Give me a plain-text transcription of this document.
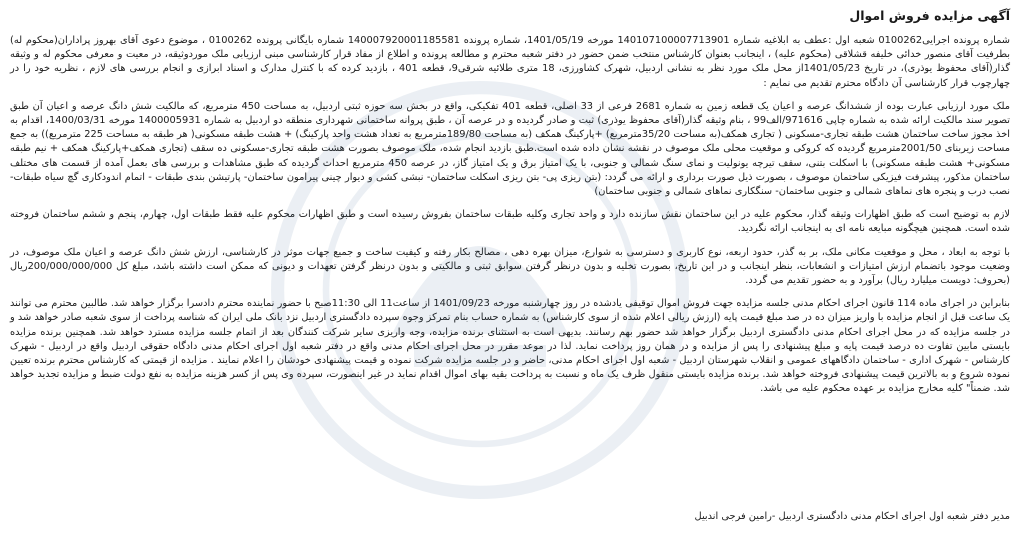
آگهی مزایده فروش اموال

شماره پرونده اجرایی0100262 شعبه اول :عطف به ابلاغیه شماره 140107100007713901 مورخه 1401/05/19، شماره پرونده 140007920001185581 شماره بایگانی پرونده 0100262 ، موضوع دعوی آقای بهروز پراداران(محکوم له) بطرفیت آقای منصور خدائی خلیفه قشلاقی (محکوم علیه) ، اینجانب بعنوان کارشناس منتخب ضمن حضور در دفتر شعبه محترم و مطالعه پرونده و اطلاع از مفاد قرار کارشناسی مبنی ارزیابی ملک موردوثیقه، در معیت و معرفی محکوم له و وثیقه گذار(آقای محفوظ یوذری)، در تاریخ 1401/05/23از محل ملک مورد نظر به نشانی اردبیل، شهرک کشاورزی، 18 متری طلائیه شرقی9، قطعه 401 ، بازدید کرده که با کنترل مدارک و اسناد ابرازی و انجام بررسی های لازم ، نظریه خود را در چهارچوب قرار کارشناسی آن دادگاه محترم تقدیم می نمایم :

ملک مورد ارزیابی عبارت بوده از ششدانگ عرصه و اعیان یک قطعه زمین به شماره 2681 فرعی از 33 اصلی، قطعه 401 تفکیکی، واقع در بخش سه حوزه ثبتی اردبیل، به مساحت 450 مترمربع، که مالکیت شش دانگ عرصه و اعیان آن طبق تصویر سند مالکیت ارائه شده به شماره چاپی 971616/الف99 ، بنام وثیقه گذار(آقای محفوظ یوذری) ثبت و صادر گردیده و در عرصه آن ، طبق پروانه ساختمانی شهرداری منطقه دو اردبیل به شماره 1400005931 مورخه 1400/03/31، اقدام به اخذ مجوز ساخت ساختمان هشت طبقه تجاری-مسکونی ( تجاری همکف(به مساحت 35/20مترمربع) +پارکینگ همکف (به مساحت 189/80مترمربع به تعداد هشت واحد پارکینگ) + هشت طبقه مسکونی( هر طبقه به مساحت 225 مترمربع)) به جمع مساحت زیربنای 2001/50مترمربع گردیده که کروکی و موقعیت محلی ملک موصوف در نقشه نشان داده شده است.طبق بازدید انجام شده، ملک موصوف بصورت هشت طبقه تجاری-مسکونی ده سقف (تجاری همکف+پارکینگ همکف + نیم طبقه مسکونی+ هشت طبقه مسکونی) با اسکلت بتنی، سقف تیرچه یونولیت و نمای سنگ شمالی و جنوبی، با یک امتیاز برق و یک امتیاز گاز، در عرصه 450 مترمربع احداث گردیده که طبق مشاهدات و بررسی های بعمل آمده از قسمت های مختلف ساختمان مذکور، پیشرفت فیزیکی ساختمان موصوف ، بصورت ذیل صورت برداری و ارائه می گردد: (بتن ریزی پی- بتن ریزی اسکلت ساختمان- نبشی کشی و دیوار چینی پیرامون ساختمان- پارتیشن بندی طبقات - اتمام اندودکاری گچ سیاه طبقات- نصب درب و پنجره های نماهای شمالی و جنوبی ساختمان- سنگکاری نماهای شمالی و جنوبی ساختمان)

لازم به توضیح است که طبق اظهارات وثیقه گذار، محکوم علیه در این ساختمان نقش سازنده دارد و واحد تجاری وکلیه طبقات ساختمان بفروش رسیده است و طبق اظهارات محکوم علیه فقط طبقات اول، چهارم، پنجم و ششم ساختمان فروخته شده است. همچنین هیچگونه مبایعه نامه ای به اینجانب ارائه نگردید.

با توجه به ابعاد ، محل و موقعیت مکانی ملک، بر به گذر، حدود اربعه، نوع کاربری و دسترسی به شوارع، میزان بهره دهی ، مصالح بکار رفته و کیفیت ساخت و جمیع جهات موثر در کارشناسی، ارزش شش دانگ عرصه و اعیان ملک موصوف، در وضعیت موجود باتضمام ارزش امتیازات و انشعابات، بنظر اینجانب و در این تاریخ، بصورت تخلیه و بدون درنظر گرفتن سوابق ثبتی و مالکیتی و بدون درنظر گرفتن تعهدات و دیونی که ممکن است داشته باشد، مبلغ کل 200/000/000/000ریال (بحروف: دویست میلیارد ریال) برآورد و به حضور تقدیم می گردد.

بنابراین در اجرای ماده 114 قانون اجرای احکام مدنی جلسه مزایده جهت فروش اموال توقیفی یادشده در روز چهارشنبه مورخه 1401/09/23 از ساعت11 الی 11:30صبح با حضور نماینده محترم دادسرا برگزار خواهد شد. طالبین محترم می توانند یک ساعت قبل از انجام مزایده با واریز میزان ده در صد مبلغ قیمت پایه (ارزش ریالی اعلام شده از سوی کارشناس) به شماره حساب بنام تمرکز وجوه سپرده دادگستری اردبیل نزد بانک ملی ایران که شناسه پرداخت از سوی شعبه صادر خواهد شد و در جلسه مزایده که در محل اجرای احکام مدنی دادگستری اردبیل برگزار خواهد شد حضور بهم رسانند. بدیهی است به استثنای برنده مزایده، وجه واریزی سایر شرکت کنندگان بعد از اتمام جلسه مزایده مسترد خواهد شد. همچنین برنده مزایده بایستی مابین تفاوت ده درصد قیمت پایه و مبلغ پیشنهادی را پس از مزایده و در همان روز پرداخت نماید. لذا در موعد مقرر در محل اجرای احکام مدنی واقع در دفتر شعبه اول اجرای احکام مدنی دادگاه حقوقی اردبیل واقع در اردبیل - شهرک کارشناس - شهرک اداری - ساختمان دادگاههای عمومی و انقلاب شهرستان اردبیل - شعبه اول اجرای احکام مدنی، حاضر و در جلسه مزایده شرکت نموده و قیمت پیشنهادی خودشان را اعلام نمایند . مزایده از قیمتی که کارشناس محترم برنده تعیین نموده شروع و به بالاترین قیمت پیشنهادی فروخته خواهد شد. برنده مزایده بایستی منقول ظرف یک ماه و نسبت به پرداخت بقیه بهای اموال اقدام نماید در غیر اینصورت، سپرده وی پس از کسر هزینه مزایده به نفع دولت ضبط و مزایده تجدید خواهد شد. ضمناً" کلیه مخارج مزایده بر عهده محکوم علیه می باشد.

مدیر دفتر شعبه اول اجرای احکام مدنی دادگستری اردبیل -رامین فرجی اندبیل
